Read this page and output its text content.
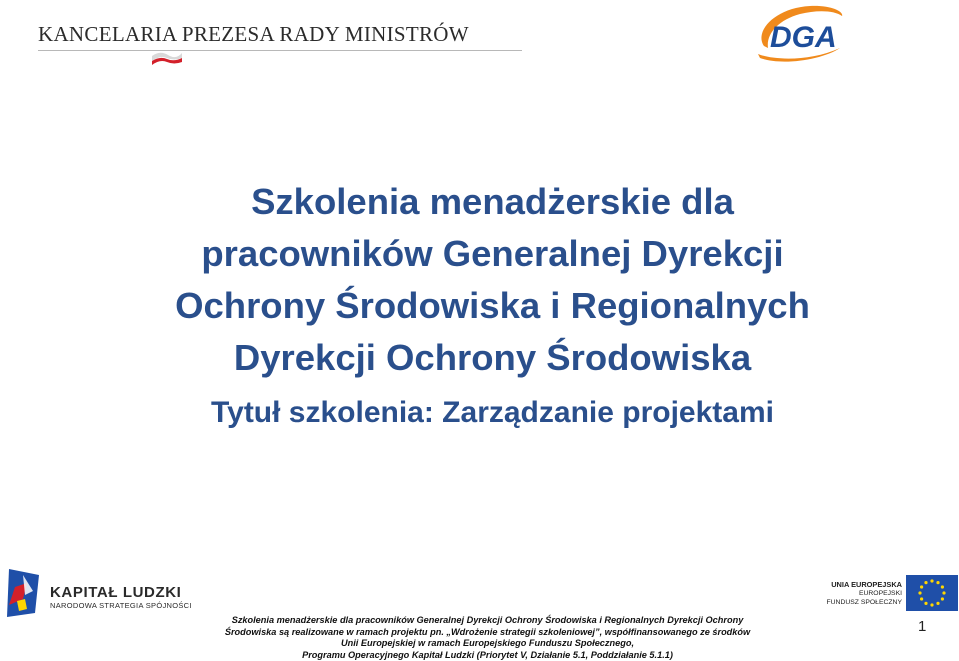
KANCELARIA PREZESA RADY MINISTRÓW	DGA
Szkolenia menadżerskie dla
pracowników Generalnej Dyrekcji
Ochrony Środowiska i Regionalnych
Dyrekcji Ochrony Środowiska
Tytuł szkolenia: Zarządzanie projektami
KAPITAŁ LUDZKI
NARODOWA STRATEGIA SPÓJNOŚCI
UNIA EUROPEJSKA
EUROPEJSKI
FUNDUSZ SPOŁECZNY
Szkolenia menadżerskie dla pracowników Generalnej Dyrekcji Ochrony Środowiska i Regionalnych Dyrekcji Ochrony
Środowiska są realizowane w ramach projektu pn. „Wdrożenie strategii szkoleniowej”, współfinansowanego ze środków
Unii Europejskiej w ramach Europejskiego Funduszu Społecznego,
Programu Operacyjnego Kapitał Ludzki (Priorytet V, Działanie 5.1, Poddziałanie 5.1.1)
1
